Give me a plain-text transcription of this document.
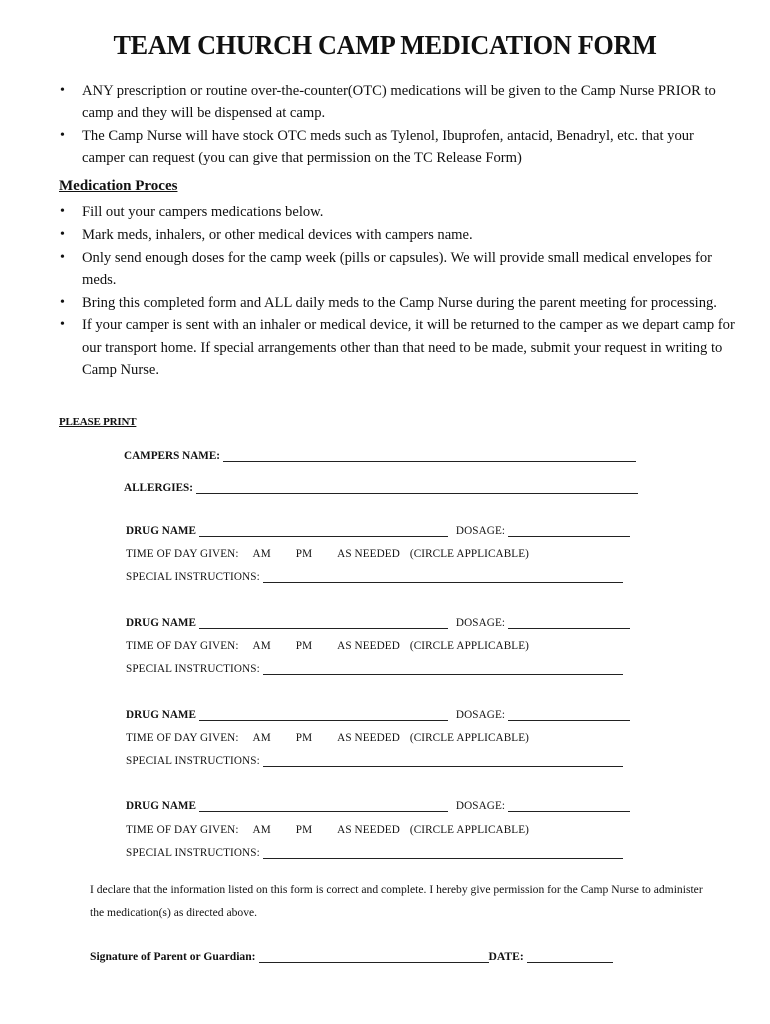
TEAM CHURCH CAMP MEDICATION FORM
• ANY prescription or routine over-the-counter(OTC) medications will be given to the Camp Nurse PRIOR to camp and they will be dispensed at camp.
• The Camp Nurse will have stock OTC meds such as Tylenol, Ibuprofen, antacid, Benadryl, etc. that your camper can request (you can give that permission on the TC Release Form)
Medication Proces
• Fill out your campers medications below.
• Mark meds, inhalers, or other medical devices with campers name.
• Only send enough doses for the camp week (pills or capsules). We will provide small medical envelopes for meds.
• Bring this completed form and ALL daily meds to the Camp Nurse during the parent meeting for processing.
• If your camper is sent with an inhaler or medical device, it will be returned to the camper as we depart camp for our transport home. If special arrangements other than that need to be made, submit your request in writing to Camp Nurse.
PLEASE PRINT
CAMPERS NAME:
ALLERGIES:
DRUG NAME	DOSAGE:
TIME OF DAY GIVEN: AM PM AS NEEDED (CIRCLE APPLICABLE)
SPECIAL INSTRUCTIONS:
DRUG NAME	DOSAGE:
TIME OF DAY GIVEN: AM PM AS NEEDED (CIRCLE APPLICABLE)
SPECIAL INSTRUCTIONS:
DRUG NAME	DOSAGE:
TIME OF DAY GIVEN: AM PM AS NEEDED (CIRCLE APPLICABLE)
SPECIAL INSTRUCTIONS:
DRUG NAME	DOSAGE:
TIME OF DAY GIVEN: AM PM AS NEEDED (CIRCLE APPLICABLE)
SPECIAL INSTRUCTIONS:
I declare that the information listed on this form is correct and complete. I hereby give permission for the Camp Nurse to administer the medication(s) as directed above.
Signature of Parent or Guardian:	DATE:
